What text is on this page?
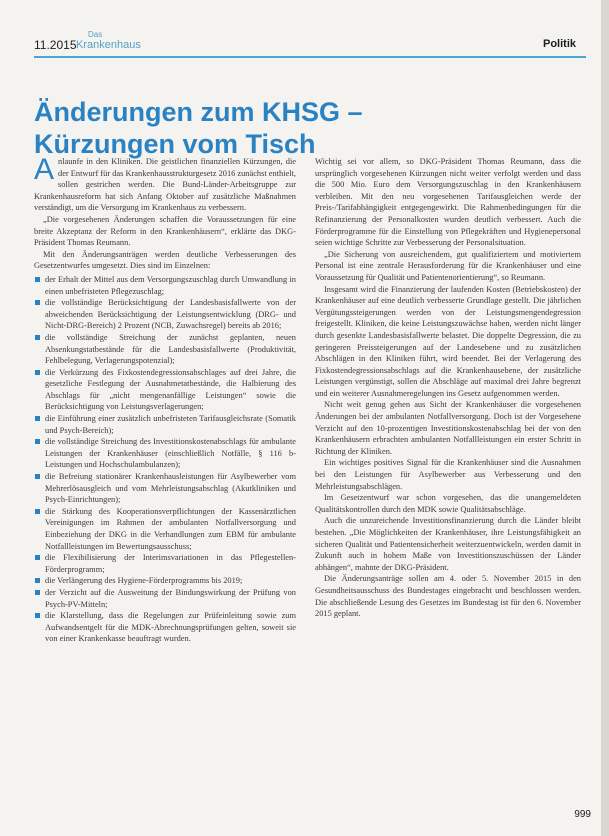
11.2015
Das
Krankenhaus	Politik
Änderungen zum KHSG –
Kürzungen vom Tisch

Anlaunfe in den Kliniken. Die geistlichen finanziellen Kürzungen, die der Entwurf für das Krankenhausstrukturgesetz 2016 zunächst enthielt, sollen gestrichen werden. Die Bund-Länder-Arbeitsgruppe zur Krankenhausreform hat sich Anfang Oktober auf zusätzliche Maßnahmen verständigt, um die Versorgung im Krankenhaus zu verbessern.

„Die vorgesehenen Änderungen schaffen die Voraussetzungen für eine breite Akzeptanz der Reform in den Krankenhäusern“, erklärte das DKG-Präsident Thomas Reumann.

Mit den Änderungsanträgen werden deutliche Verbesserungen des Gesetzentwurfes umgesetzt. Dies sind im Einzelnen:

der Erhalt der Mittel aus dem Versorgungszuschlag durch Umwandlung in einen unbefristeten Pflegezuschlag;
die vollständige Berücksichtigung der Landesbasisfallwerte von der abweichenden Berücksichtigung der Leistungsentwicklung (DRG- und Nicht-DRG-Bereich) 2 Prozent (NCB, Zuwachsregel) bereits ab 2016;
die vollständige Streichung der zunächst geplanten, neuen Absenkungstatbestände für die Landesbasisfallwerte (Produktivität, Fehlbelegung, Verlagerungspotenzial);
die Verkürzung des Fixkostendegressionsabschlages auf drei Jahre, die gesetzliche Festlegung der Ausnahmetatbestände, die Halbierung des Abschlags für „nicht mengenanfällige Leistungen“ sowie die Berücksichtigung von Leistungsverlagerungen;
die Einführung einer zusätzlich unbefristeten Tarifausgleichsrate (Somatik und Psych-Bereich);
die vollständige Streichung des Investitionskostenabschlags für ambulante Leistungen der Krankenhäuser (einschließlich Notfälle, § 116 b-Leistungen und Hochschulambulanzen);
die Befreiung stationärer Krankenhausleistungen für Asylbewerber vom Mehrerlösausgleich und vom Mehrleistungsabschlag (Akutkliniken und Psych-Einrichtungen);
die Stärkung des Kooperationsverpflichtungen der Kassenärztlichen Vereinigungen im Rahmen der ambulanten Notfallversorgung und Einbeziehung der DKG in die Verhandlungen zum EBM für ambulante Notfallleistungen im Bewertungsausschuss;
die Flexibilisierung der Interimsvariationen in das Pflegestellen-Förderprogramm;
die Verlängerung des Hygiene-Förderprogramms bis 2019;
der Verzicht auf die Ausweitung der Bindungswirkung der Prüfung von Psych-PV-Mitteln;
die Klarstellung, dass die Regelungen zur Prüfeinleitung sowie zum Aufwandsentgelt für die MDK-Abrechnungsprüfungen gelten, soweit sie von einer Krankenkasse beauftragt wurden.

Wichtig sei vor allem, so DKG-Präsident Thomas Reumann, dass die ursprünglich vorgesehenen Kürzungen nicht weiter verfolgt werden und dass die 500 Mio. Euro dem Versorgungszuschlag in den Krankenhäusern verbleiben. Mit den neu vorgesehenen Tarifausgleichen werde der Preis-/Tarifabhängigkeit entgegengewirkt. Die Rahmenbedingungen für die Refinanzierung der Personalkosten wurden deutlich verbessert. Auch die Förderprogramme für die Einstellung von Pflegekräften und Hygienepersonal seien wichtige Schritte zur Verbesserung der Personalsituation.

„Die Sicherung von ausreichendem, gut qualifiziertem und motiviertem Personal ist eine zentrale Herausforderung für die Krankenhäuser und eine Voraussetzung für Qualität und Patientenorientierung“, so Reumann.

Insgesamt wird die Finanzierung der laufenden Kosten (Betriebskosten) der Krankenhäuser auf eine deutlich verbesserte Grundlage gestellt. Die jährlichen Vergütungssteigerungen werden von der Leistungsmengendegression freigestellt. Kliniken, die keine Leistungszuwächse haben, werden nicht länger durch gesenkte Landesbasisfallwerte belastet. Die doppelte Degression, die zu geringeren Preissteigerungen auf der Landesebene und zu zusätzlichen Abschlägen in den Kliniken führt, wird beendet. Bei der Verlagerung des Fixkostendegressionsabschlags auf die Krankenhausebene, der zusätzliche Leistungen vergünstigt, sollen die Abschläge auf maximal drei Jahre begrenzt und ein weiterer Ausnahmeregelungen ins Gesetz aufgenommen werden.

Nicht weit genug gehen aus Sicht der Krankenhäuser die vorgesehenen Änderungen bei der ambulanten Notfallversorgung. Doch ist der Vorgesehene Verzicht auf den 10-prozentigen Investitionskostenabschlag bei der von den Krankenhäusern erbrachten ambulanten Notfallleistungen ein erster Schritt in Richtung der Kliniken.

Ein wichtiges positives Signal für die Krankenhäuser sind die Ausnahmen bei den Leistungen für Asylbewerber aus Verbesserung und den Mehrleistungsabschlägen.

Im Gesetzentwurf war schon vorgesehen, das die unangemeldeten Qualitätskontrollen durch den MDK sowie Qualitätsabschläge.

Auch die unzureichende Investitionsfinanzierung durch die Länder bleibt bestehen. „Die Möglichkeiten der Krankenhäuser, ihre Leistungsfähigkeit an sicheren Qualität und Patientensicherheit weiterzuentwickeln, werden damit in Zukunft auch in hohem Maße von Investitionszuschüssen der Länder abhängen“, mahnte der DKG-Präsident.

Die Änderungsanträge sollen am 4. oder 5. November 2015 in den Gesundheitsausschuss des Bundestages eingebracht und beschlossen werden. Die abschließende Lesung des Gesetzes im Bundestag ist für den 6. November 2015 geplant.

999
